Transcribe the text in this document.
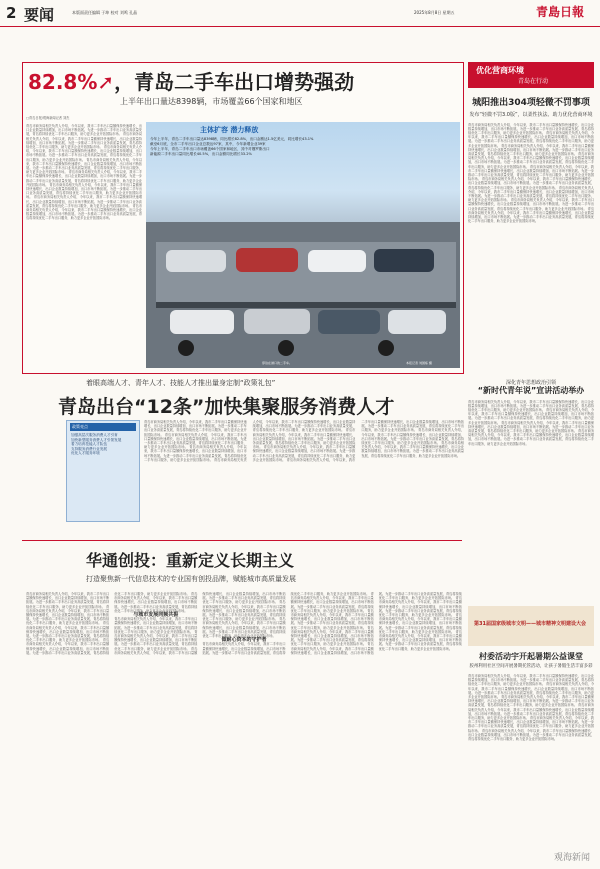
2 要闻	本版面责任编辑 于坤 校对 刘鸣 孔晶	2025年8月8日 星期五	青島日報
82.8%➚，青岛二手车出口增势强劲
上半年出口量达8398辆，市场覆盖66个国家和地区
□青岛日报/观海新闻记者 刘杰
青岛市商务局相关负责人介绍，今年以来，我市二手车出口量额保持快速增长，出口企业数量持续增加，出口市场不断拓展。为进一步推动二手车出口业务高质量发展，青岛将持续优化二手车出口服务，助力更多企业开拓国际市场。 青岛市商务局相关负责人介绍，今年以来，我市二手车出口量额保持快速增长，出口企业数量持续增加，出口市场不断拓展。为进一步推动二手车出口业务高质量发展，青岛将持续优化二手车出口服务，助力更多企业开拓国际市场。 青岛市商务局相关负责人介绍，今年以来，我市二手车出口量额保持快速增长，出口企业数量持续增加，出口市场不断拓展。为进一步推动二手车出口业务高质量发展，青岛将持续优化二手车出口服务，助力更多企业开拓国际市场。 青岛市商务局相关负责人介绍，今年以来，我市二手车出口量额保持快速增长，出口企业数量持续增加，出口市场不断拓展。为进一步推动二手车出口业务高质量发展，青岛将持续优化二手车出口服务，助力更多企业开拓国际市场。 青岛市商务局相关负责人介绍，今年以来，我市二手车出口量额保持快速增长，出口企业数量持续增加，出口市场不断拓展。为进一步推动二手车出口业务高质量发展，青岛将持续优化二手车出口服务，助力更多企业开拓国际市场。 青岛市商务局相关负责人介绍，今年以来，我市二手车出口量额保持快速增长，出口企业数量持续增加，出口市场不断拓展。为进一步推动二手车出口业务高质量发展，青岛将持续优化二手车出口服务，助力更多企业开拓国际市场。 青岛市商务局相关负责人介绍，今年以来，我市二手车出口量额保持快速增长，出口企业数量持续增加，出口市场不断拓展。为进一步推动二手车出口业务高质量发展，青岛将持续优化二手车出口服务，助力更多企业开拓国际市场。 青岛市商务局相关负责人介绍，今年以来，我市二手车出口量额保持快速增长，出口企业数量持续增加，出口市场不断拓展。为进一步推动二手车出口业务高质量发展，青岛将持续优化二手车出口服务，助力更多企业开拓国际市场。
主体扩容 潜力释放
今年上半年，青岛二手车出口量达8398辆，同比增长82.8%，出口金额达1.5亿美元，同比增长43.1%
截至6月底，全市二手车出口企业总数达97家，其中，今年新增企业39家
今年上半年，青岛二手车出口市场覆盖66个国家和地区，其中对俄罗斯出口
新能源二手车出口量同比增长40.5%，出口金额同比增长33.2%
停泊在港口的二手车。	本报记者 刘国栋 摄
优化营商环境
青岛在行动
城阳推出304项轻微不罚事项
发布“轻微不罚3.0版”，以柔性执法、助力优化营商环境
青岛市商务局相关负责人介绍，今年以来，我市二手车出口量额保持快速增长，出口企业数量持续增加，出口市场不断拓展。为进一步推动二手车出口业务高质量发展，青岛将持续优化二手车出口服务，助力更多企业开拓国际市场。 青岛市商务局相关负责人介绍，今年以来，我市二手车出口量额保持快速增长，出口企业数量持续增加，出口市场不断拓展。为进一步推动二手车出口业务高质量发展，青岛将持续优化二手车出口服务，助力更多企业开拓国际市场。 青岛市商务局相关负责人介绍，今年以来，我市二手车出口量额保持快速增长，出口企业数量持续增加，出口市场不断拓展。为进一步推动二手车出口业务高质量发展，青岛将持续优化二手车出口服务，助力更多企业开拓国际市场。 青岛市商务局相关负责人介绍，今年以来，我市二手车出口量额保持快速增长，出口企业数量持续增加，出口市场不断拓展。为进一步推动二手车出口业务高质量发展，青岛将持续优化二手车出口服务，助力更多企业开拓国际市场。 青岛市商务局相关负责人介绍，今年以来，我市二手车出口量额保持快速增长，出口企业数量持续增加，出口市场不断拓展。为进一步推动二手车出口业务高质量发展，青岛将持续优化二手车出口服务，助力更多企业开拓国际市场。 青岛市商务局相关负责人介绍，今年以来，我市二手车出口量额保持快速增长，出口企业数量持续增加，出口市场不断拓展。为进一步推动二手车出口业务高质量发展，青岛将持续优化二手车出口服务，助力更多企业开拓国际市场。 青岛市商务局相关负责人介绍，今年以来，我市二手车出口量额保持快速增长，出口企业数量持续增加，出口市场不断拓展。为进一步推动二手车出口业务高质量发展，青岛将持续优化二手车出口服务，助力更多企业开拓国际市场。 青岛市商务局相关负责人介绍，今年以来，我市二手车出口量额保持快速增长，出口企业数量持续增加，出口市场不断拓展。为进一步推动二手车出口业务高质量发展，青岛将持续优化二手车出口服务，助力更多企业开拓国际市场。 青岛市商务局相关负责人介绍，今年以来，我市二手车出口量额保持快速增长，出口企业数量持续增加，出口市场不断拓展。为进一步推动二手车出口业务高质量发展，青岛将持续优化二手车出口服务，助力更多企业开拓国际市场。
深化青年思想政治引领
“新时代青年说”宣讲活动举办
青岛市商务局相关负责人介绍，今年以来，我市二手车出口量额保持快速增长，出口企业数量持续增加，出口市场不断拓展。为进一步推动二手车出口业务高质量发展，青岛将持续优化二手车出口服务，助力更多企业开拓国际市场。 青岛市商务局相关负责人介绍，今年以来，我市二手车出口量额保持快速增长，出口企业数量持续增加，出口市场不断拓展。为进一步推动二手车出口业务高质量发展，青岛将持续优化二手车出口服务，助力更多企业开拓国际市场。 青岛市商务局相关负责人介绍，今年以来，我市二手车出口量额保持快速增长，出口企业数量持续增加，出口市场不断拓展。为进一步推动二手车出口业务高质量发展，青岛将持续优化二手车出口服务，助力更多企业开拓国际市场。 青岛市商务局相关负责人介绍，今年以来，我市二手车出口量额保持快速增长，出口企业数量持续增加，出口市场不断拓展。为进一步推动二手车出口业务高质量发展，青岛将持续优化二手车出口服务，助力更多企业开拓国际市场。
第31届国家级城市文明——城市精神文明建设大会
村委活动宇开起暑期公益课堂
胶州利用社区空间开展暑期托管活动，让孩子暑假生活丰富多彩
青岛市商务局相关负责人介绍，今年以来，我市二手车出口量额保持快速增长，出口企业数量持续增加，出口市场不断拓展。为进一步推动二手车出口业务高质量发展，青岛将持续优化二手车出口服务，助力更多企业开拓国际市场。 青岛市商务局相关负责人介绍，今年以来，我市二手车出口量额保持快速增长，出口企业数量持续增加，出口市场不断拓展。为进一步推动二手车出口业务高质量发展，青岛将持续优化二手车出口服务，助力更多企业开拓国际市场。 青岛市商务局相关负责人介绍，今年以来，我市二手车出口量额保持快速增长，出口企业数量持续增加，出口市场不断拓展。为进一步推动二手车出口业务高质量发展，青岛将持续优化二手车出口服务，助力更多企业开拓国际市场。 青岛市商务局相关负责人介绍，今年以来，我市二手车出口量额保持快速增长，出口企业数量持续增加，出口市场不断拓展。为进一步推动二手车出口业务高质量发展，青岛将持续优化二手车出口服务，助力更多企业开拓国际市场。 青岛市商务局相关负责人介绍，今年以来，我市二手车出口量额保持快速增长，出口企业数量持续增加，出口市场不断拓展。为进一步推动二手车出口业务高质量发展，青岛将持续优化二手车出口服务，助力更多企业开拓国际市场。 青岛市商务局相关负责人介绍，今年以来，我市二手车出口量额保持快速增长，出口企业数量持续增加，出口市场不断拓展。为进一步推动二手车出口业务高质量发展，青岛将持续优化二手车出口服务，助力更多企业开拓国际市场。
着眼高端人才、青年人才、技能人才推出量身定制“政策礼包”
青岛出台“12条”加快集聚服务消费人才
政策亮点
加强高层次服务消费人才引育
加快新型服务消费人才引领发展
着力培育技能人才队伍
支持服务消费行业发展
优化人才服务环境
青岛市商务局相关负责人介绍，今年以来，我市二手车出口量额保持快速增长，出口企业数量持续增加，出口市场不断拓展。为进一步推动二手车出口业务高质量发展，青岛将持续优化二手车出口服务，助力更多企业开拓国际市场。 青岛市商务局相关负责人介绍，今年以来，我市二手车出口量额保持快速增长，出口企业数量持续增加，出口市场不断拓展。为进一步推动二手车出口业务高质量发展，青岛将持续优化二手车出口服务，助力更多企业开拓国际市场。 青岛市商务局相关负责人介绍，今年以来，我市二手车出口量额保持快速增长，出口企业数量持续增加，出口市场不断拓展。为进一步推动二手车出口业务高质量发展，青岛将持续优化二手车出口服务，助力更多企业开拓国际市场。 青岛市商务局相关负责人介绍，今年以来，我市二手车出口量额保持快速增长，出口企业数量持续增加，出口市场不断拓展。为进一步推动二手车出口业务高质量发展，青岛将持续优化二手车出口服务，助力更多企业开拓国际市场。 青岛市商务局相关负责人介绍，今年以来，我市二手车出口量额保持快速增长，出口企业数量持续增加，出口市场不断拓展。为进一步推动二手车出口业务高质量发展，青岛将持续优化二手车出口服务，助力更多企业开拓国际市场。 青岛市商务局相关负责人介绍，今年以来，我市二手车出口量额保持快速增长，出口企业数量持续增加，出口市场不断拓展。为进一步推动二手车出口业务高质量发展，青岛将持续优化二手车出口服务，助力更多企业开拓国际市场。 青岛市商务局相关负责人介绍，今年以来，我市二手车出口量额保持快速增长，出口企业数量持续增加，出口市场不断拓展。为进一步推动二手车出口业务高质量发展，青岛将持续优化二手车出口服务，助力更多企业开拓国际市场。 青岛市商务局相关负责人介绍，今年以来，我市二手车出口量额保持快速增长，出口企业数量持续增加，出口市场不断拓展。为进一步推动二手车出口业务高质量发展，青岛将持续优化二手车出口服务，助力更多企业开拓国际市场。 青岛市商务局相关负责人介绍，今年以来，我市二手车出口量额保持快速增长，出口企业数量持续增加，出口市场不断拓展。为进一步推动二手车出口业务高质量发展，青岛将持续优化二手车出口服务，助力更多企业开拓国际市场。
华通创投：重新定义长期主义
打造聚焦新一代信息技术的专业国有创投品牌，赋能城市高质量发展
青岛市商务局相关负责人介绍，今年以来，我市二手车出口量额保持快速增长，出口企业数量持续增加，出口市场不断拓展。为进一步推动二手车出口业务高质量发展，青岛将持续优化二手车出口服务，助力更多企业开拓国际市场。 青岛市商务局相关负责人介绍，今年以来，我市二手车出口量额保持快速增长，出口企业数量持续增加，出口市场不断拓展。为进一步推动二手车出口业务高质量发展，青岛将持续优化二手车出口服务，助力更多企业开拓国际市场。 青岛市商务局相关负责人介绍，今年以来，我市二手车出口量额保持快速增长，出口企业数量持续增加，出口市场不断拓展。为进一步推动二手车出口业务高质量发展，青岛将持续优化二手车出口服务，助力更多企业开拓国际市场。 青岛市商务局相关负责人介绍，今年以来，我市二手车出口量额保持快速增长，出口企业数量持续增加，出口市场不断拓展。为进一步推动二手车出口业务高质量发展，青岛将持续优化二手车出口服务，助力更多企业开拓国际市场。 青岛市商务局相关负责人介绍，今年以来，我市二手车出口量额保持快速增长，出口企业数量持续增加，出口市场不断拓展。为进一步推动二手车出口业务高质量发展，青岛将持续优化二手车出口服务，助力更多企业开拓国际市场。
与城市发展同频共振
青岛市商务局相关负责人介绍，今年以来，我市二手车出口量额保持快速增长，出口企业数量持续增加，出口市场不断拓展。为进一步推动二手车出口业务高质量发展，青岛将持续优化二手车出口服务，助力更多企业开拓国际市场。 青岛市商务局相关负责人介绍，今年以来，我市二手车出口量额保持快速增长，出口企业数量持续增加，出口市场不断拓展。为进一步推动二手车出口业务高质量发展，青岛将持续优化二手车出口服务，助力更多企业开拓国际市场。 青岛市商务局相关负责人介绍，今年以来，我市二手车出口量额保持快速增长，出口企业数量持续增加，出口市场不断拓展。为进一步推动二手车出口业务高质量发展，青岛将持续优化二手车出口服务，助力更多企业开拓国际市场。 青岛市商务局相关负责人介绍，今年以来，我市二手车出口量额保持快速增长，出口企业数量持续增加，出口市场不断拓展。为进一步推动二手车出口业务高质量发展，青岛将持续优化二手车出口服务，助力更多企业开拓国际市场。 青岛市商务局相关负责人介绍，今年以来，我市二手车出口量额保持快速增长，出口企业数量持续增加，出口市场不断拓展。为进一步推动二手车出口业务高质量发展，青岛将持续优化二手车出口服务，助力更多企业开拓国际市场。
做耐心资本的守护者
青岛市商务局相关负责人介绍，今年以来，我市二手车出口量额保持快速增长，出口企业数量持续增加，出口市场不断拓展。为进一步推动二手车出口业务高质量发展，青岛将持续优化二手车出口服务，助力更多企业开拓国际市场。 青岛市商务局相关负责人介绍，今年以来，我市二手车出口量额保持快速增长，出口企业数量持续增加，出口市场不断拓展。为进一步推动二手车出口业务高质量发展，青岛将持续优化二手车出口服务，助力更多企业开拓国际市场。 青岛市商务局相关负责人介绍，今年以来，我市二手车出口量额保持快速增长，出口企业数量持续增加，出口市场不断拓展。为进一步推动二手车出口业务高质量发展，青岛将持续优化二手车出口服务，助力更多企业开拓国际市场。 青岛市商务局相关负责人介绍，今年以来，我市二手车出口量额保持快速增长，出口企业数量持续增加，出口市场不断拓展。为进一步推动二手车出口业务高质量发展，青岛将持续优化二手车出口服务，助力更多企业开拓国际市场。 青岛市商务局相关负责人介绍，今年以来，我市二手车出口量额保持快速增长，出口企业数量持续增加，出口市场不断拓展。为进一步推动二手车出口业务高质量发展，青岛将持续优化二手车出口服务，助力更多企业开拓国际市场。 青岛市商务局相关负责人介绍，今年以来，我市二手车出口量额保持快速增长，出口企业数量持续增加，出口市场不断拓展。为进一步推动二手车出口业务高质量发展，青岛将持续优化二手车出口服务，助力更多企业开拓国际市场。 青岛市商务局相关负责人介绍，今年以来，我市二手车出口量额保持快速增长，出口企业数量持续增加，出口市场不断拓展。为进一步推动二手车出口业务高质量发展，青岛将持续优化二手车出口服务，助力更多企业开拓国际市场。 青岛市商务局相关负责人介绍，今年以来，我市二手车出口量额保持快速增长，出口企业数量持续增加，出口市场不断拓展。为进一步推动二手车出口业务高质量发展，青岛将持续优化二手车出口服务，助力更多企业开拓国际市场。
观海新闻
